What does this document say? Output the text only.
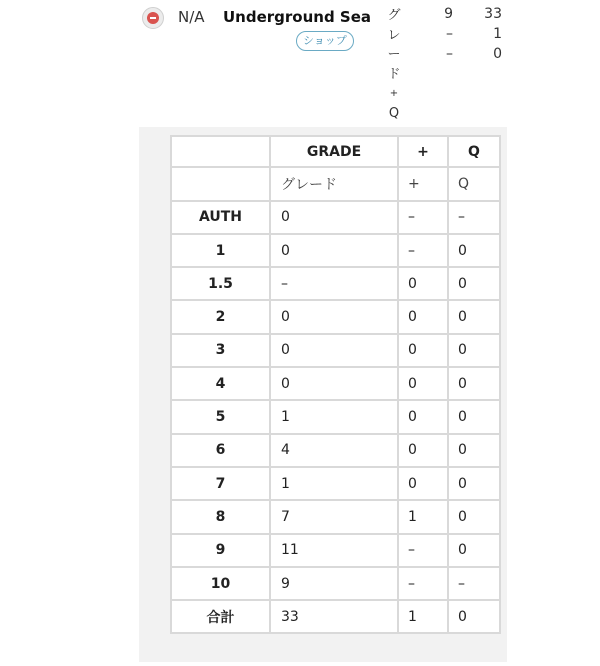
N/A Underground Sea
ショップ
グ
レ
ー
ド
+
Q
9	33
–	1
–	0
	GRADE	+	Q
	グレード	+	Q
AUTH	0	–	–
1	0	–	0
1.5	–	0	0
2	0	0	0
3	0	0	0
4	0	0	0
5	1	0	0
6	4	0	0
7	1	0	0
8	7	1	0
9	11	–	0
10	9	–	–
合計	33	1	0
